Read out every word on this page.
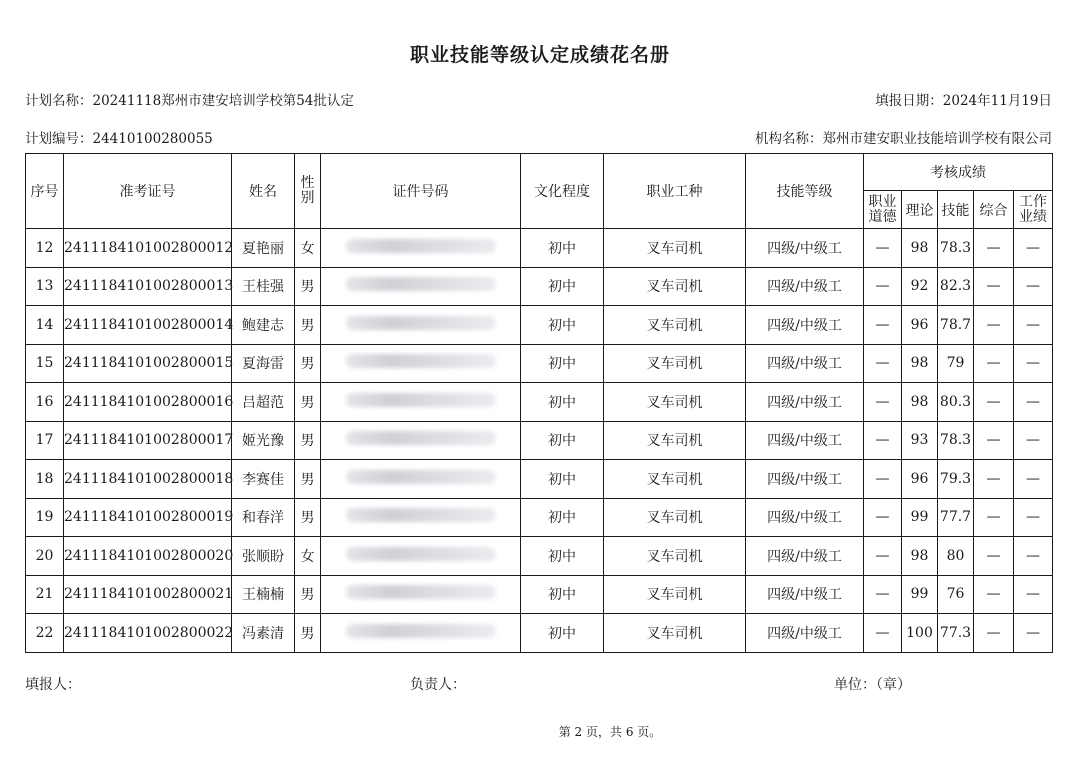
职业技能等级认定成绩花名册
计划名称：20241118郑州市建安培训学校第54批认定	填报日期：2024年11月19日
计划编号：24410100280055	机构名称：郑州市建安职业技能培训学校有限公司
序号	准考证号	姓名	性别	证件号码	文化程度	职业工种	技能等级	考核成绩				
								职业道德	理论	技能	综合	工作业绩
12	2411184101002800012	夏艳丽	女		初中	叉车司机	四级/中级工	—	98	78.3	—	—
13	2411184101002800013	王桂强	男		初中	叉车司机	四级/中级工	—	92	82.3	—	—
14	2411184101002800014	鲍建志	男		初中	叉车司机	四级/中级工	—	96	78.7	—	—
15	2411184101002800015	夏海雷	男		初中	叉车司机	四级/中级工	—	98	79	—	—
16	2411184101002800016	吕超范	男		初中	叉车司机	四级/中级工	—	98	80.3	—	—
17	2411184101002800017	姬光豫	男		初中	叉车司机	四级/中级工	—	93	78.3	—	—
18	2411184101002800018	李赛佳	男		初中	叉车司机	四级/中级工	—	96	79.3	—	—
19	2411184101002800019	和春洋	男		初中	叉车司机	四级/中级工	—	99	77.7	—	—
20	2411184101002800020	张顺盼	女		初中	叉车司机	四级/中级工	—	98	80	—	—
21	2411184101002800021	王楠楠	男		初中	叉车司机	四级/中级工	—	99	76	—	—
22	2411184101002800022	冯素清	男		初中	叉车司机	四级/中级工	—	100	77.3	—	—
填报人：	负责人：	单位：（章）
第 2 页，共 6 页。
